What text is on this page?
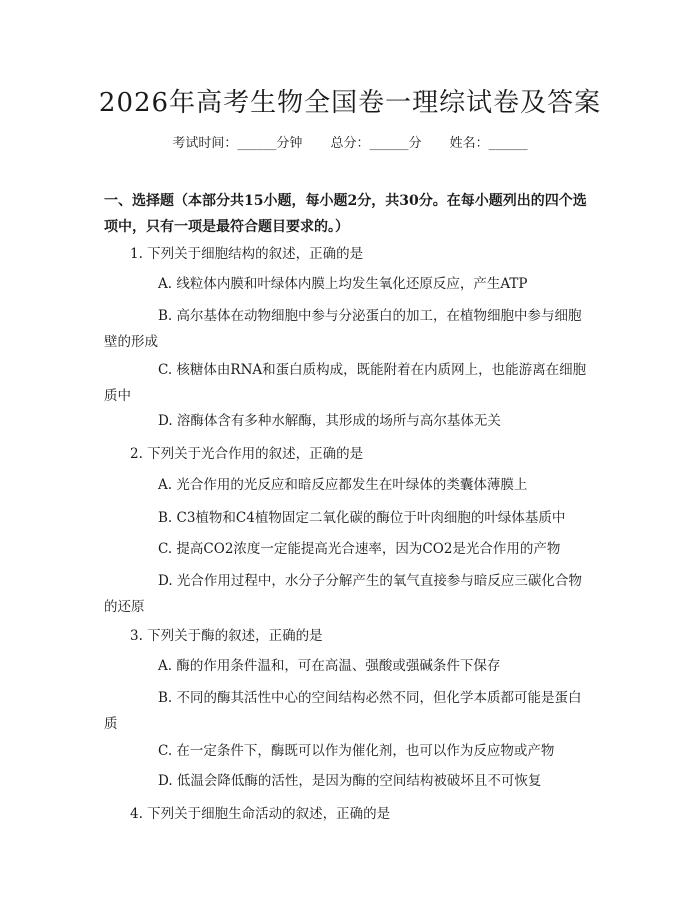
2026年高考生物全国卷一理综试卷及答案
考试时间：______分钟 总分：______分 姓名：______
一、选择题（本部分共15小题，每小题2分，共30分。在每小题列出的四个选项中，只有一项是最符合题目要求的。）
1. 下列关于细胞结构的叙述，正确的是
A. 线粒体内膜和叶绿体内膜上均发生氧化还原反应，产生ATP
B. 高尔基体在动物细胞中参与分泌蛋白的加工，在植物细胞中参与细胞壁的形成
C. 核糖体由RNA和蛋白质构成，既能附着在内质网上，也能游离在细胞质中
D. 溶酶体含有多种水解酶，其形成的场所与高尔基体无关
2. 下列关于光合作用的叙述，正确的是
A. 光合作用的光反应和暗反应都发生在叶绿体的类囊体薄膜上
B. C3植物和C4植物固定二氧化碳的酶位于叶肉细胞的叶绿体基质中
C. 提高CO2浓度一定能提高光合速率，因为CO2是光合作用的产物
D. 光合作用过程中，水分子分解产生的氧气直接参与暗反应三碳化合物的还原
3. 下列关于酶的叙述，正确的是
A. 酶的作用条件温和，可在高温、强酸或强碱条件下保存
B. 不同的酶其活性中心的空间结构必然不同，但化学本质都可能是蛋白质
C. 在一定条件下，酶既可以作为催化剂，也可以作为反应物或产物
D. 低温会降低酶的活性，是因为酶的空间结构被破坏且不可恢复
4. 下列关于细胞生命活动的叙述，正确的是
